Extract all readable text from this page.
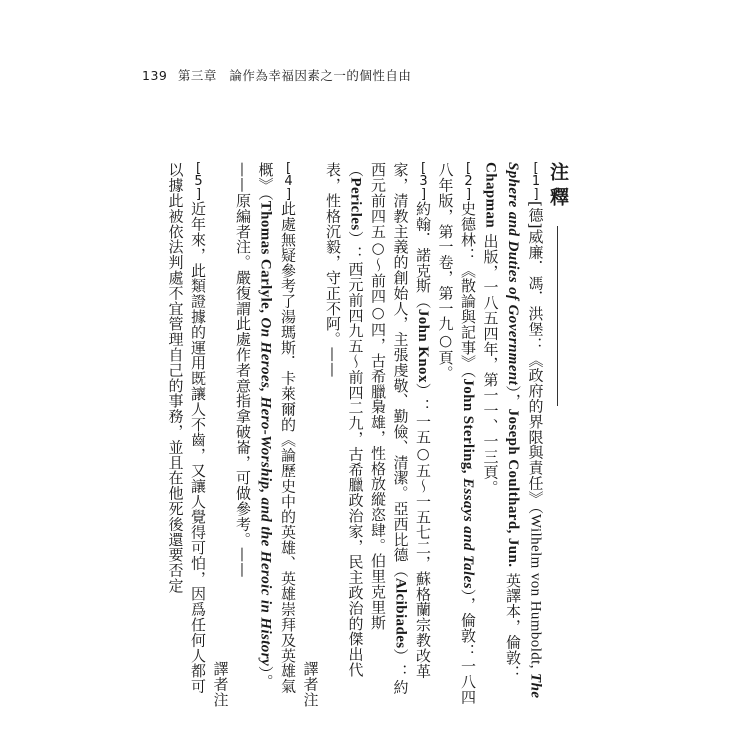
139 第三章 論作為幸福因素之一的個性自由
注釋

[1][德]威廉．馮．洪堡：《政府的界限與責任》（Wilhelm von Humboldt, The Sphere and Duties of Government），Joseph Coulthard, Jun. 英譯本，倫敦：Chapman 出版，一八五四年，第一一、一三頁。

[2]史德林：《散論與記事》（John Sterling, Essays and Tales），倫敦：一八四八年版，第一卷，第一九○頁。

[3]約翰．諾克斯（John Knox）：一五○五～一五七二，蘇格蘭宗教改革家，清教主義的創始人，主張虔敬、勤儉、清潔。亞西比德（Alcibiades）：約西元前四五○～前四○四，古希臘梟雄，性格放縱恣肆。伯里克里斯（Pericles）：西元前四九五～前四二九，古希臘政治家，民主政治的傑出代表，性格沉毅，守正不阿。——
譯者注

[4]此處無疑參考了湯瑪斯．卡萊爾的《論歷史中的英雄、英雄崇拜及英雄氣概》（Thomas Carlyle, On Heroes, Hero-Worship, and the Heroic in History）。——原編者注。嚴復謂此處作者意指拿破崙，可做參考。——
譯者注

[5]近年來，此類證據的運用既讓人不齒，又讓人覺得可怕，因爲任何人都可以據此被依法判處不宜管理自己的事務，並且在他死後還要否定
